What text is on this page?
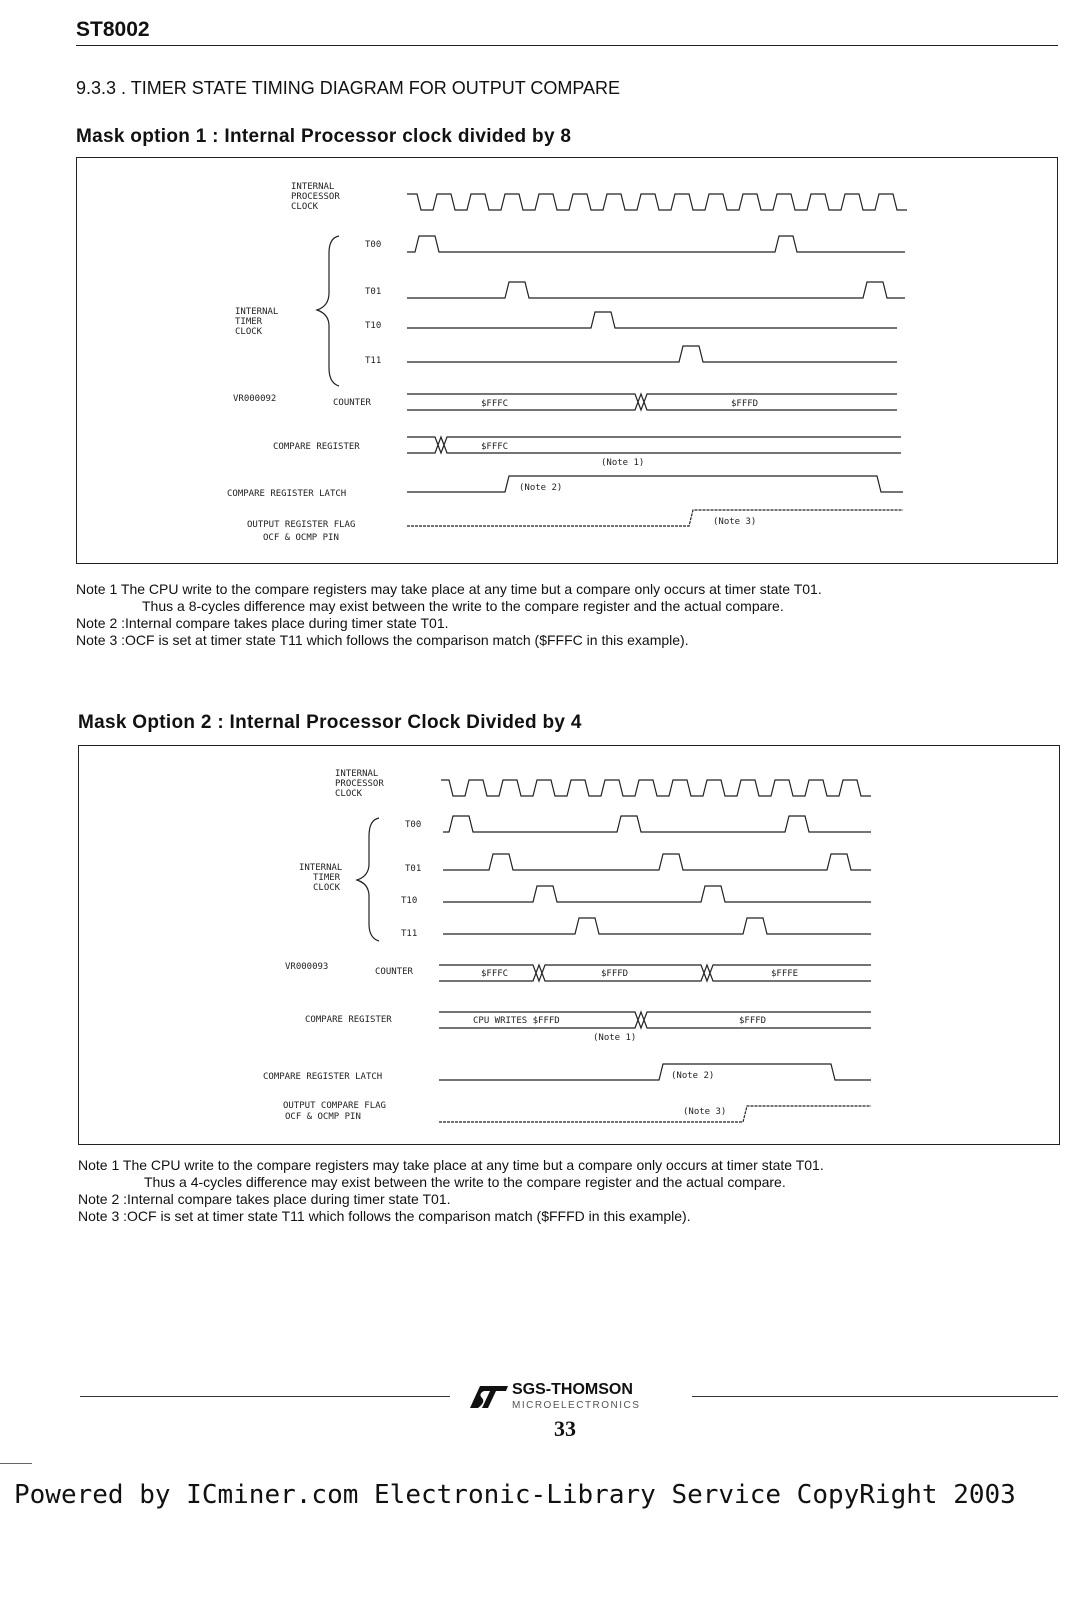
ST8002
9.3.3 . TIMER STATE TIMING DIAGRAM FOR OUTPUT COMPARE
Mask option 1 : Internal Processor clock divided by 8
INTERNAL
PROCESSOR
CLOCK
INTERNAL
TIMER
CLOCK
T00
T01
T10
T11
VR000092	COUNTER	$FFFC	$FFFD
COMPARE REGISTER	$FFFC
(Note 1)
COMPARE REGISTER LATCH
(Note 2)
OUTPUT REGISTER FLAG
OCF & OCMP PIN
(Note 3)
Note 1 The CPU write to the compare registers may take place at any time but a compare only occurs at timer state T01.
Thus a 8-cycles difference may exist between the write to the compare register and the actual compare.
Note 2 :Internal compare takes place during timer state T01.
Note 3 :OCF is set at timer state T11 which follows the comparison match ($FFFC in this example).
Mask Option 2 : Internal Processor Clock Divided by 4
INTERNAL
PROCESSOR
CLOCK
INTERNAL
TIMER
CLOCK
T00
T01
T10
T11
VR000093	COUNTER	$FFFC	$FFFD	$FFFE
COMPARE REGISTER	CPU WRITES $FFFD	$FFFD
(Note 1)
COMPARE REGISTER LATCH	(Note 2)
OUTPUT COMPARE FLAG
OCF & OCMP PIN	(Note 3)
Note 1 The CPU write to the compare registers may take place at any time but a compare only occurs at timer state T01.
Thus a 4-cycles difference may exist between the write to the compare register and the actual compare.
Note 2 :Internal compare takes place during timer state T01.
Note 3 :OCF is set at timer state T11 which follows the comparison match ($FFFD in this example).
SGS-THOMSON
MICROELECTRONICS
33
Powered by ICminer.com Electronic-Library Service CopyRight 2003
